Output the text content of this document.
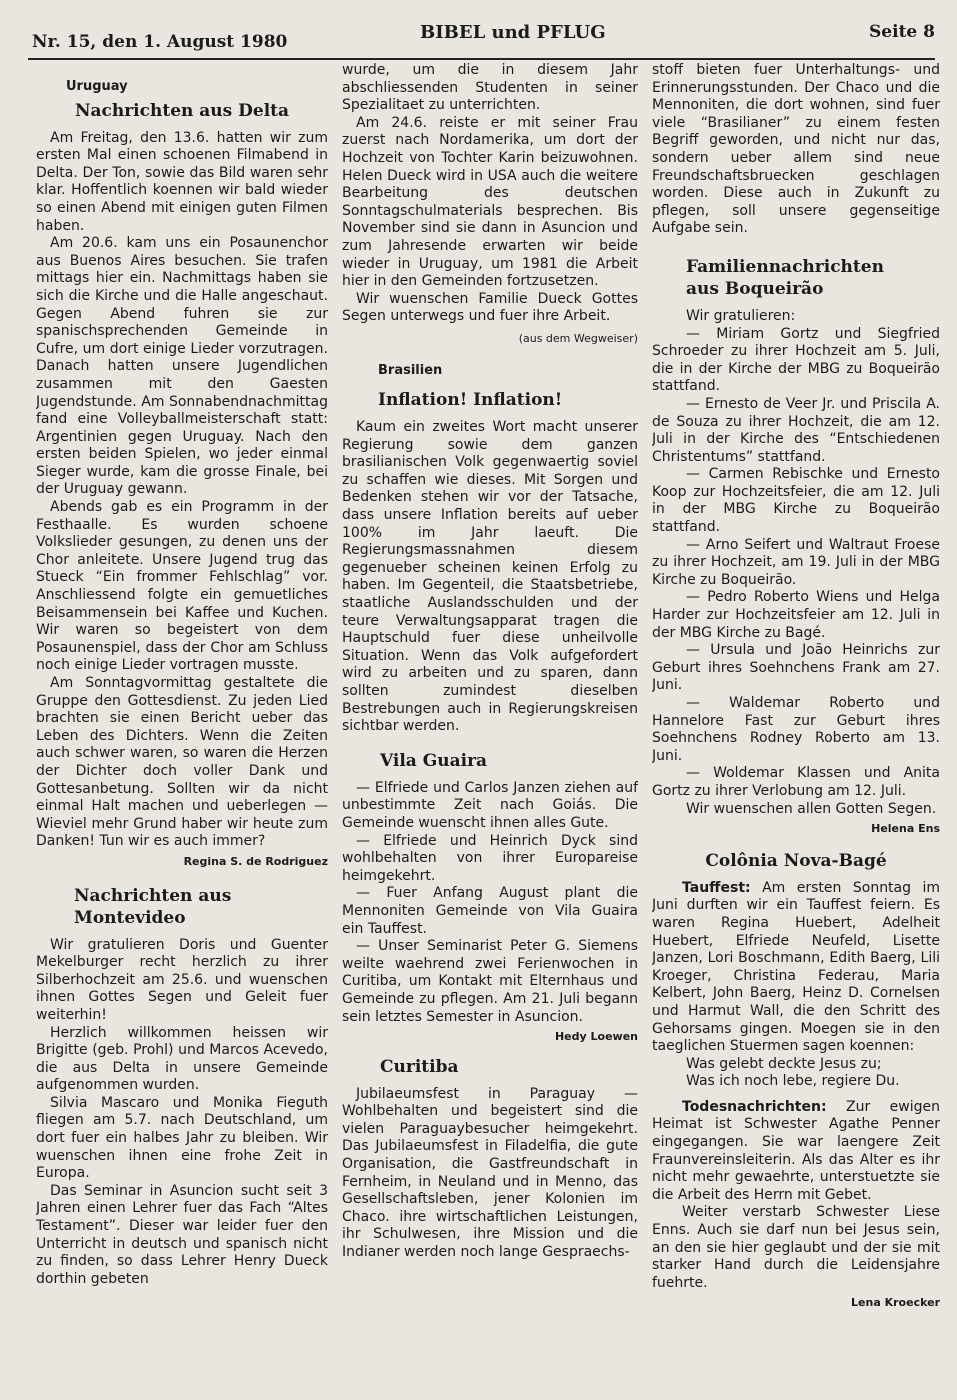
Nr. 15, den 1. August 1980	BIBEL und PFLUG	Seite 8
Uruguay
Nachrichten aus Delta

Am Freitag, den 13.6. hatten wir zum ersten Mal einen schoenen Filmabend in Delta. Der Ton, sowie das Bild waren sehr klar. Hoffentlich koennen wir bald wieder so einen Abend mit einigen guten Filmen haben.

Am 20.6. kam uns ein Posaunenchor aus Buenos Aires besuchen. Sie trafen mittags hier ein. Nachmittags haben sie sich die Kirche und die Halle angeschaut. Gegen Abend fuhren sie zur spanischsprechenden Gemeinde in Cufre, um dort einige Lieder vorzutragen. Danach hatten unsere Jugendlichen zusammen mit den Gaesten Jugendstunde. Am Sonnabendnachmittag fand eine Volleyballmeisterschaft statt: Argentinien gegen Uruguay. Nach den ersten beiden Spielen, wo jeder einmal Sieger wurde, kam die grosse Finale, bei der Uruguay gewann.

Abends gab es ein Programm in der Festhaalle. Es wurden schoene Volkslieder gesungen, zu denen uns der Chor anleitete. Unsere Jugend trug das Stueck “Ein frommer Fehlschlag” vor. Anschliessend folgte ein gemuetliches Beisammensein bei Kaffee und Kuchen. Wir waren so begeistert von dem Posaunenspiel, dass der Chor am Schluss noch einige Lieder vortragen musste.

Am Sonntagvormittag gestaltete die Gruppe den Gottesdienst. Zu jeden Lied brachten sie einen Bericht ueber das Leben des Dichters. Wenn die Zeiten auch schwer waren, so waren die Herzen der Dichter doch voller Dank und Gottesanbetung. Sollten wir da nicht einmal Halt machen und ueberlegen — Wieviel mehr Grund haber wir heute zum Danken! Tun wir es auch immer?

Regina S. de Rodriguez
Nachrichten aus Montevideo

Wir gratulieren Doris und Guenter Mekelburger recht herzlich zu ihrer Silberhochzeit am 25.6. und wuenschen ihnen Gottes Segen und Geleit fuer weiterhin!

Herzlich willkommen heissen wir Brigitte (geb. Prohl) und Marcos Acevedo, die aus Delta in unsere Gemeinde aufgenommen wurden.

Silvia Mascaro und Monika Fieguth fliegen am 5.7. nach Deutschland, um dort fuer ein halbes Jahr zu bleiben. Wir wuenschen ihnen eine frohe Zeit in Europa.

Das Seminar in Asuncion sucht seit 3 Jahren einen Lehrer fuer das Fach “Altes Testament”. Dieser war leider fuer den Unterricht in deutsch und spanisch nicht zu finden, so dass Lehrer Henry Dueck dorthin gebeten

wurde, um die in diesem Jahr abschliessenden Studenten in seiner Spezialitaet zu unterrichten.

Am 24.6. reiste er mit seiner Frau zuerst nach Nordamerika, um dort der Hochzeit von Tochter Karin beizuwohnen. Helen Dueck wird in USA auch die weitere Bearbeitung des deutschen Sonntagschulmaterials besprechen. Bis November sind sie dann in Asuncion und zum Jahresende erwarten wir beide wieder in Uruguay, um 1981 die Arbeit hier in den Gemeinden fortzusetzen.

Wir wuenschen Familie Dueck Gottes Segen unterwegs und fuer ihre Arbeit.

(aus dem Wegweiser)
Brasilien
Inflation! Inflation!

Kaum ein zweites Wort macht unserer Regierung sowie dem ganzen brasilianischen Volk gegenwaertig soviel zu schaffen wie dieses. Mit Sorgen und Bedenken stehen wir vor der Tatsache, dass unsere Inflation bereits auf ueber 100% im Jahr laeuft. Die Regierungsmassnahmen diesem gegenueber scheinen keinen Erfolg zu haben. Im Gegenteil, die Staatsbetriebe, staatliche Auslandsschulden und der teure Verwaltungsapparat tragen die Hauptschuld fuer diese unheilvolle Situation. Wenn das Volk aufgefordert wird zu arbeiten und zu sparen, dann sollten zumindest dieselben Bestrebungen auch in Regierungskreisen sichtbar werden.

Vila Guaira

— Elfriede und Carlos Janzen ziehen auf unbestimmte Zeit nach Goiás. Die Gemeinde wuenscht ihnen alles Gute.

— Elfriede und Heinrich Dyck sind wohlbehalten von ihrer Europareise heimgekehrt.

— Fuer Anfang August plant die Mennoniten Gemeinde von Vila Guaira ein Tauffest.

— Unser Seminarist Peter G. Siemens weilte waehrend zwei Ferienwochen in Curitiba, um Kontakt mit Elternhaus und Gemeinde zu pflegen. Am 21. Juli begann sein letztes Semester in Asuncion.

Hedy Loewen
Curitiba

Jubilaeumsfest in Paraguay — Wohlbehalten und begeistert sind die vielen Paraguaybesucher heimgekehrt. Das Jubilaeumsfest in Filadelfia, die gute Organisation, die Gastfreundschaft in Fernheim, in Neuland und in Menno, das Gesellschaftsleben, jener Kolonien im Chaco. ihre wirtschaftlichen Leistungen, ihr Schulwesen, ihre Mission und die Indianer werden noch lange Gespraechs-

stoff bieten fuer Unterhaltungs- und Erinnerungsstunden. Der Chaco und die Mennoniten, die dort wohnen, sind fuer viele “Brasilianer” zu einem festen Begriff geworden, und nicht nur das, sondern ueber allem sind neue Freundschaftsbruecken geschlagen worden. Diese auch in Zukunft zu pflegen, soll unsere gegenseitige Aufgabe sein.

Familiennachrichten aus Boqueirão

Wir gratulieren:

— Miriam Gortz und Siegfried Schroeder zu ihrer Hochzeit am 5. Juli, die in der Kirche der MBG zu Boqueirão stattfand.

— Ernesto de Veer Jr. und Priscila A. de Souza zu ihrer Hochzeit, die am 12. Juli in der Kirche des “Entschiedenen Christentums” stattfand.

— Carmen Rebischke und Ernesto Koop zur Hochzeitsfeier, die am 12. Juli in der MBG Kirche zu Boqueirão stattfand.

— Arno Seifert und Waltraut Froese zu ihrer Hochzeit, am 19. Juli in der MBG Kirche zu Boqueirão.

— Pedro Roberto Wiens und Helga Harder zur Hochzeitsfeier am 12. Juli in der MBG Kirche zu Bagé.

— Ursula und João Heinrichs zur Geburt ihres Soehnchens Frank am 27. Juni.

— Waldemar Roberto und Hannelore Fast zur Geburt ihres Soehnchens Rodney Roberto am 13. Juni.

— Woldemar Klassen und Anita Gortz zu ihrer Verlobung am 12. Juli.

Wir wuenschen allen Gotten Segen.

Helena Ens
Colônia Nova-Bagé

Tauffest: Am ersten Sonntag im Juni durften wir ein Tauffest feiern. Es waren Regina Huebert, Adelheit Huebert, Elfriede Neufeld, Lisette Janzen, Lori Boschmann, Edith Baerg, Lili Kroeger, Christina Federau, Maria Kelbert, John Baerg, Heinz D. Cornelsen und Harmut Wall, die den Schritt des Gehorsams gingen. Moegen sie in den taeglichen Stuermen sagen koennen:

Was gelebt deckte Jesus zu;

Was ich noch lebe, regiere Du.

Todesnachrichten: Zur ewigen Heimat ist Schwester Agathe Penner eingegangen. Sie war laengere Zeit Fraunvereinsleiterin. Als das Alter es ihr nicht mehr gewaehrte, unterstuetzte sie die Arbeit des Herrn mit Gebet.

Weiter verstarb Schwester Liese Enns. Auch sie darf nun bei Jesus sein, an den sie hier geglaubt und der sie mit starker Hand durch die Leidensjahre fuehrte.

Lena Kroecker
